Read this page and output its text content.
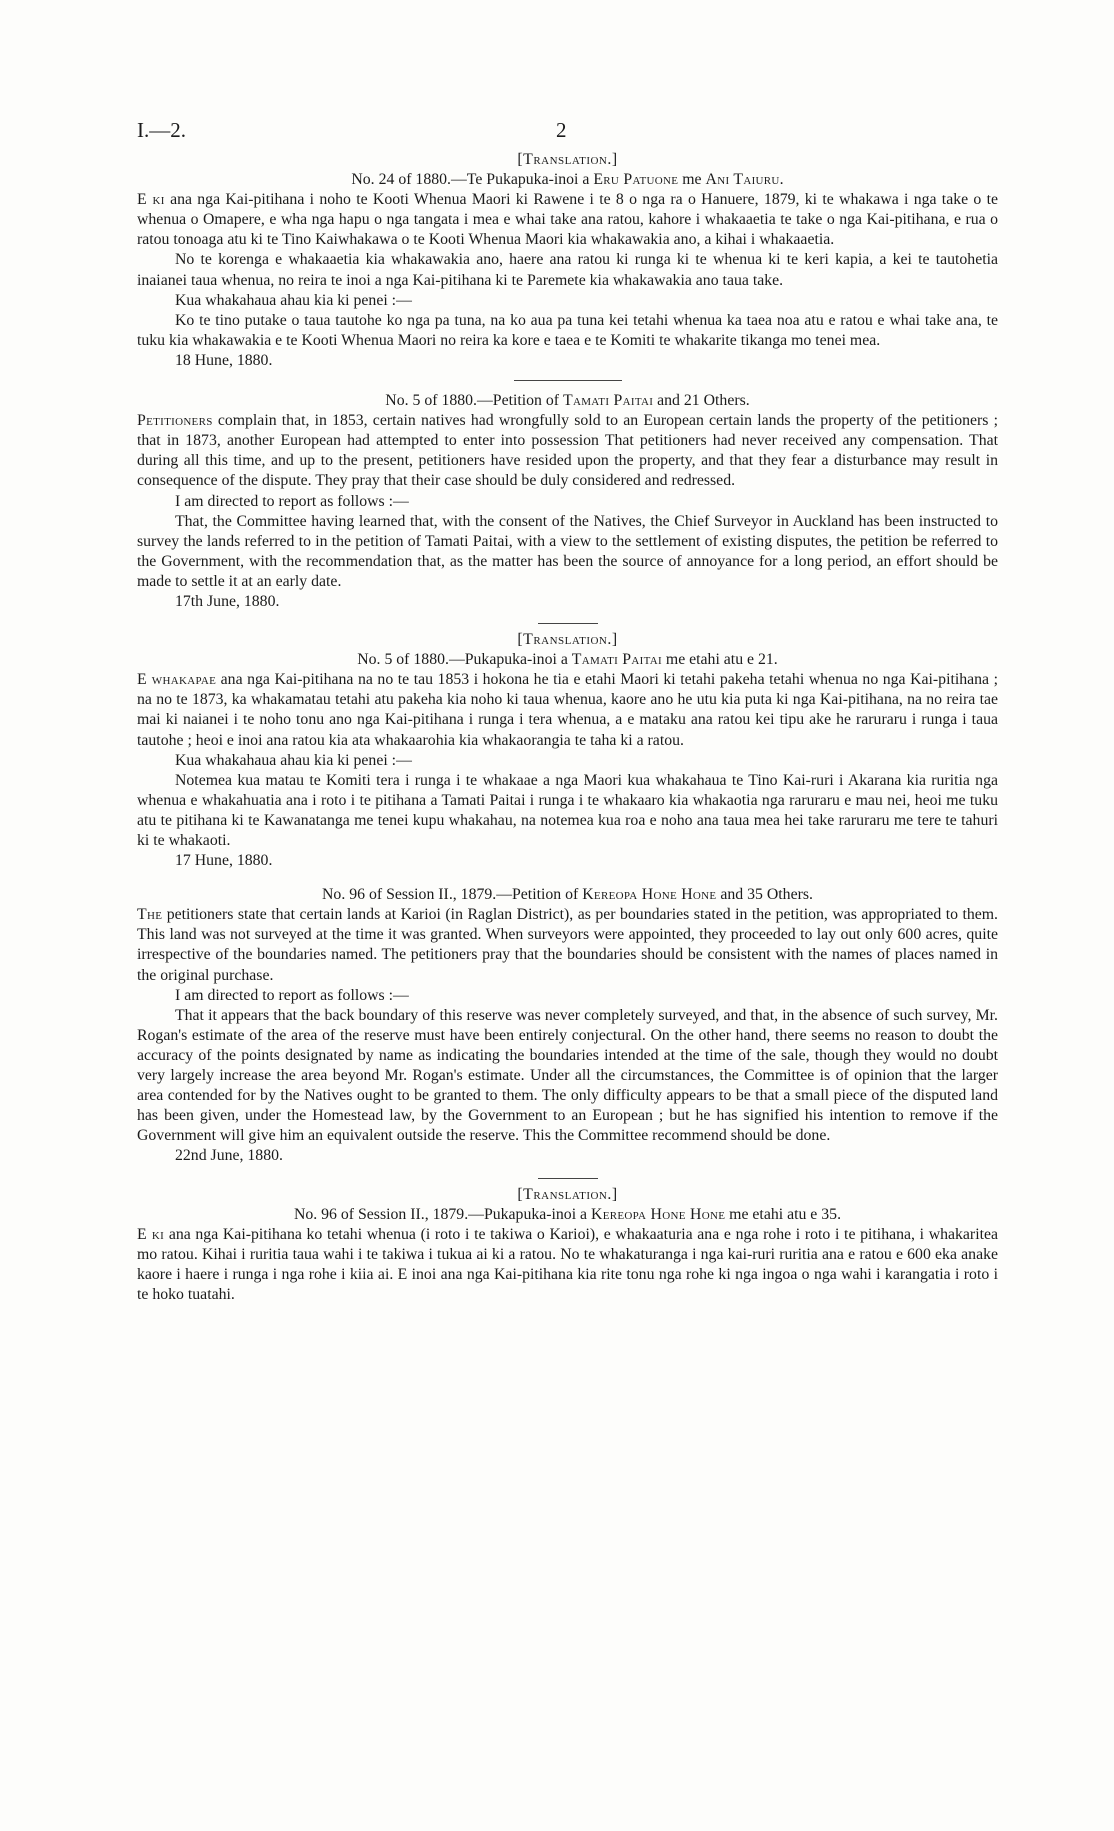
I.—2.	2

[Translation.]

No. 24 of 1880.—Te Pukapuka-inoi a Eru Patuone me Ani Taiuru.

E ki ana nga Kai-pitihana i noho te Kooti Whenua Maori ki Rawene i te 8 o nga ra o Hanuere, 1879, ki te whakawa i nga take o te whenua o Omapere, e wha nga hapu o nga tangata i mea e whai take ana ratou, kahore i whakaaetia te take o nga Kai-pitihana, e rua o ratou tonoaga atu ki te Tino Kaiwhakawa o te Kooti Whenua Maori kia whakawakia ano, a kihai i whakaaetia.

No te korenga e whakaaetia kia whakawakia ano, haere ana ratou ki runga ki te whenua ki te keri kapia, a kei te tautohetia inaianei taua whenua, no reira te inoi a nga Kai-pitihana ki te Paremete kia whakawakia ano taua take.

Kua whakahaua ahau kia ki penei :—

Ko te tino putake o taua tautohe ko nga pa tuna, na ko aua pa tuna kei tetahi whenua ka taea noa atu e ratou e whai take ana, te tuku kia whakawakia e te Kooti Whenua Maori no reira ka kore e taea e te Komiti te whakarite tikanga mo tenei mea.

18 Hune, 1880.

No. 5 of 1880.—Petition of Tamati Paitai and 21 Others.

Petitioners complain that, in 1853, certain natives had wrongfully sold to an European certain lands the property of the petitioners ; that in 1873, another European had attempted to enter into possession That petitioners had never received any compensation. That during all this time, and up to the present, petitioners have resided upon the property, and that they fear a disturbance may result in consequence of the dispute. They pray that their case should be duly considered and redressed.

I am directed to report as follows :—

That, the Committee having learned that, with the consent of the Natives, the Chief Surveyor in Auckland has been instructed to survey the lands referred to in the petition of Tamati Paitai, with a view to the settlement of existing disputes, the petition be referred to the Government, with the recommendation that, as the matter has been the source of annoyance for a long period, an effort should be made to settle it at an early date.

17th June, 1880.

[Translation.]

No. 5 of 1880.—Pukapuka-inoi a Tamati Paitai me etahi atu e 21.

E whakapae ana nga Kai-pitihana na no te tau 1853 i hokona he tia e etahi Maori ki tetahi pakeha tetahi whenua no nga Kai-pitihana ; na no te 1873, ka whakamatau tetahi atu pakeha kia noho ki taua whenua, kaore ano he utu kia puta ki nga Kai-pitihana, na no reira tae mai ki naianei i te noho tonu ano nga Kai-pitihana i runga i tera whenua, a e mataku ana ratou kei tipu ake he raruraru i runga i taua tautohe ; heoi e inoi ana ratou kia ata whakaarohia kia whakaorangia te taha ki a ratou.

Kua whakahaua ahau kia ki penei :—

Notemea kua matau te Komiti tera i runga i te whakaae a nga Maori kua whakahaua te Tino Kai-ruri i Akarana kia ruritia nga whenua e whakahuatia ana i roto i te pitihana a Tamati Paitai i runga i te whakaaro kia whakaotia nga raruraru e mau nei, heoi me tuku atu te pitihana ki te Kawanatanga me tenei kupu whakahau, na notemea kua roa e noho ana taua mea hei take raruraru me tere te tahuri ki te whakaoti.

17 Hune, 1880.

No. 96 of Session II., 1879.—Petition of Kereopa Hone Hone and 35 Others.

The petitioners state that certain lands at Karioi (in Raglan District), as per boundaries stated in the petition, was appropriated to them. This land was not surveyed at the time it was granted. When surveyors were appointed, they proceeded to lay out only 600 acres, quite irrespective of the boundaries named. The petitioners pray that the boundaries should be consistent with the names of places named in the original purchase.

I am directed to report as follows :—

That it appears that the back boundary of this reserve was never completely surveyed, and that, in the absence of such survey, Mr. Rogan's estimate of the area of the reserve must have been entirely conjectural. On the other hand, there seems no reason to doubt the accuracy of the points designated by name as indicating the boundaries intended at the time of the sale, though they would no doubt very largely increase the area beyond Mr. Rogan's estimate. Under all the circumstances, the Committee is of opinion that the larger area contended for by the Natives ought to be granted to them. The only difficulty appears to be that a small piece of the disputed land has been given, under the Homestead law, by the Government to an European ; but he has signified his intention to remove if the Government will give him an equivalent outside the reserve. This the Committee recommend should be done.

22nd June, 1880.

[Translation.]

No. 96 of Session II., 1879.—Pukapuka-inoi a Kereopa Hone Hone me etahi atu e 35.

E ki ana nga Kai-pitihana ko tetahi whenua (i roto i te takiwa o Karioi), e whakaaturia ana e nga rohe i roto i te pitihana, i whakaritea mo ratou. Kihai i ruritia taua wahi i te takiwa i tukua ai ki a ratou. No te whakaturanga i nga kai-ruri ruritia ana e ratou e 600 eka anake kaore i haere i runga i nga rohe i kiia ai. E inoi ana nga Kai-pitihana kia rite tonu nga rohe ki nga ingoa o nga wahi i karangatia i roto i te hoko tuatahi.
